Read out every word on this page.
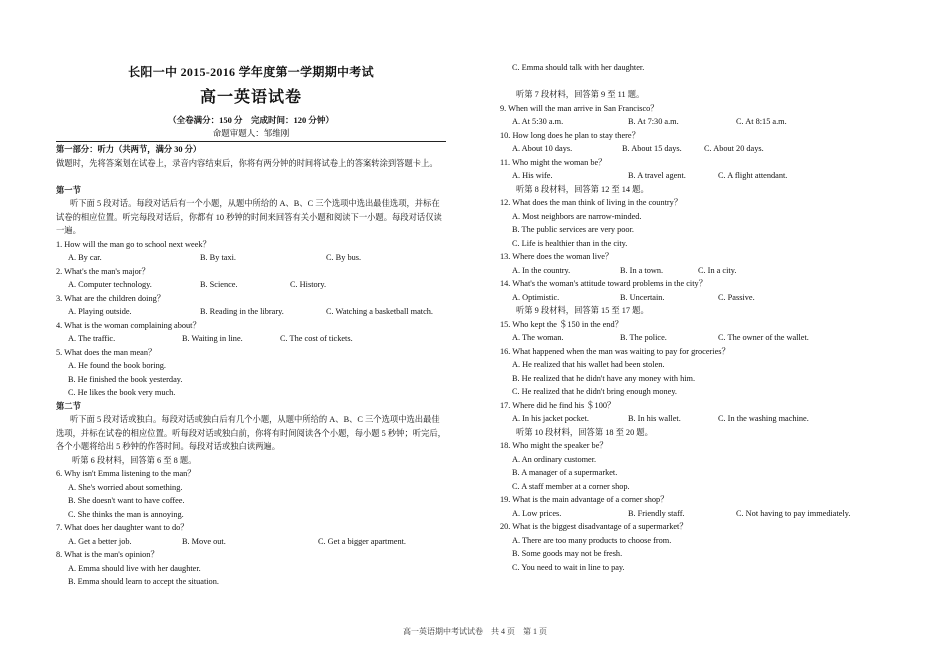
长阳一中 2015-2016 学年度第一学期期中考试
高一英语试卷
（全卷满分：150 分　完成时间：120 分钟）
命题审题人：邹维刚
第一部分：听力（共两节，满分 30 分）
做题时，先将答案划在试卷上，录音内容结束后，你将有两分钟的时间将试卷上的答案转涂到答题卡上。
第一节
听下面 5 段对话。每段对话后有一个小题，从题中所给的 A、B、C 三个选项中选出最佳选项，并标在试卷的相应位置。听完每段对话后，你都有 10 秒钟的时间来回答有关小题和阅读下一小题。每段对话仅读一遍。
1. How will the man go to school next week？
A. By car.	B. By taxi.	C. By bus.
2. What's the man's major？
A. Computer technology.	B. Science.	C. History.
3. What are the children doing？
A. Playing outside.	B. Reading in the library.	C. Watching a basketball match.
4. What is the woman complaining about？
A. The traffic.	B. Waiting in line.	C. The cost of tickets.
5. What does the man mean？
A. He found the book boring.
B. He finished the book yesterday.
C. He likes the book very much.
第二节
听下面 5 段对话或独白。每段对话或独白后有几个小题，从题中所给的 A、B、C 三个选项中选出最佳选项，并标在试卷的相应位置。听每段对话或独白前，你将有时间阅读各个小题，每小题 5 秒钟；听完后，各个小题将给出 5 秒钟的作答时间。每段对话或独白读两遍。
听第 6 段材料，回答第 6 至 8 题。
6. Why isn't Emma listening to the man？
A. She's worried about something.
B. She doesn't want to have coffee.
C. She thinks the man is annoying.
7. What does her daughter want to do？
A. Get a better job.	B. Move out.	C. Get a bigger apartment.
8. What is the man's opinion？
A. Emma should live with her daughter.
B. Emma should learn to accept the situation.
C. Emma should talk with her daughter.
听第 7 段材料，回答第 9 至 11 题。
9. When will the man arrive in San Francisco？
A. At 5:30 a.m.	B. At 7:30 a.m.	C. At 8:15 a.m.
10. How long does he plan to stay there？
A. About 10 days.	B. About 15 days.	C. About 20 days.
11. Who might the woman be？
A. His wife.	B. A travel agent.	C. A flight attendant.
听第 8 段材料，回答第 12 至 14 题。
12. What does the man think of living in the country？
A. Most neighbors are narrow-minded.
B. The public services are very poor.
C. Life is healthier than in the city.
13. Where does the woman live？
A. In the country.	B. In a town.	C. In a city.
14. What's the woman's attitude toward problems in the city？
A. Optimistic.	B. Uncertain.	C. Passive.
听第 9 段材料，回答第 15 至 17 题。
15. Who kept the ＄150 in the end？
A. The woman.	B. The police.	C. The owner of the wallet.
16. What happened when the man was waiting to pay for groceries？
A. He realized that his wallet had been stolen.
B. He realized that he didn't have any money with him.
C. He realized that he didn't bring enough money.
17. Where did he find his ＄100？
A. In his jacket pocket.	B. In his wallet.	C. In the washing machine.
听第 10 段材料，回答第 18 至 20 题。
18. Who might the speaker be？
A. An ordinary customer.
B. A manager of a supermarket.
C. A staff member at a corner shop.
19. What is the main advantage of a corner shop？
A. Low prices.	B. Friendly staff.	C. Not having to pay immediately.
20. What is the biggest disadvantage of a supermarket？
A. There are too many products to choose from.
B. Some goods may not be fresh.
C. You need to wait in line to pay.
高一英语期中考试试卷　共 4 页　第 1 页
